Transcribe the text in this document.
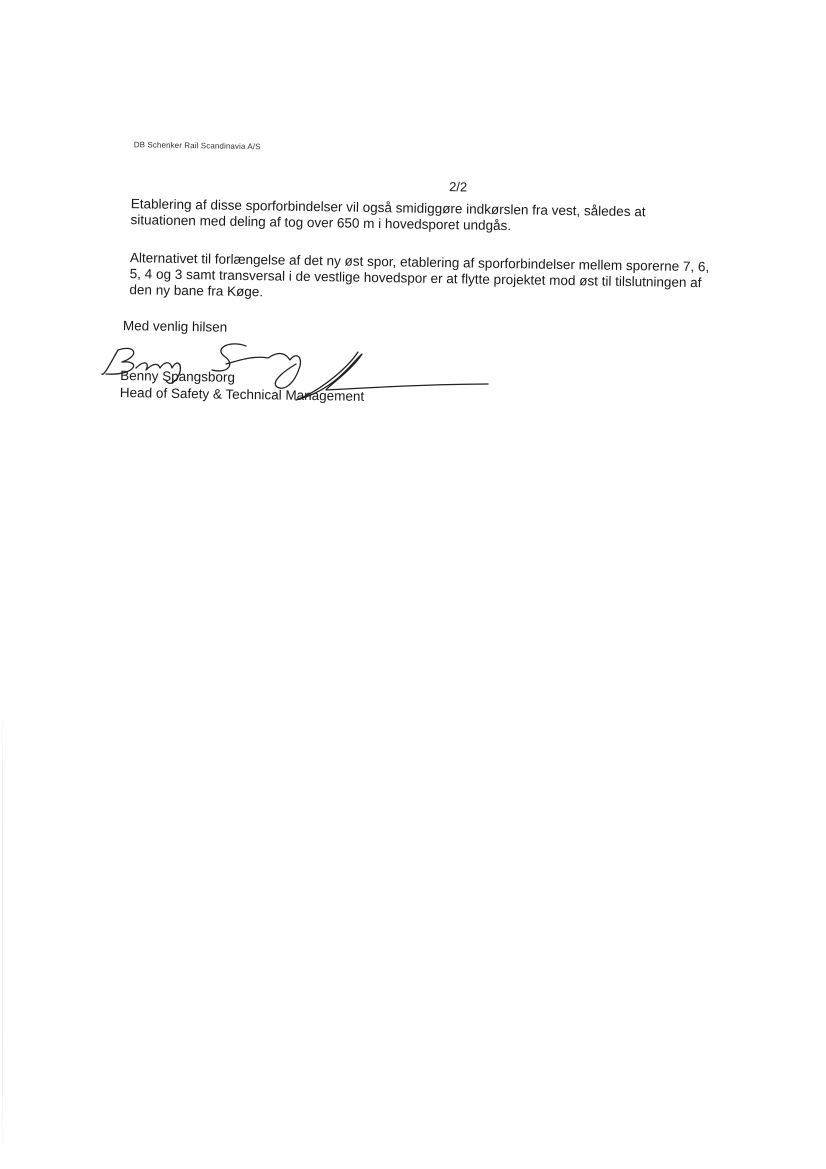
DB Schenker Rail Scandinavia A/S
2/2

Etablering af disse sporforbindelser vil også smidiggøre indkørslen fra vest, således at situationen med deling af tog over 650 m i hovedsporet undgås.

Alternativet til forlængelse af det ny øst spor, etablering af sporforbindelser mellem sporerne 7, 6, 5, 4 og 3 samt transversal i de vestlige hovedspor er at flytte projektet mod øst til tilslutningen af den ny bane fra Køge.

Med venlig hilsen
Benny Spangsborg
Head of Safety & Technical Management
